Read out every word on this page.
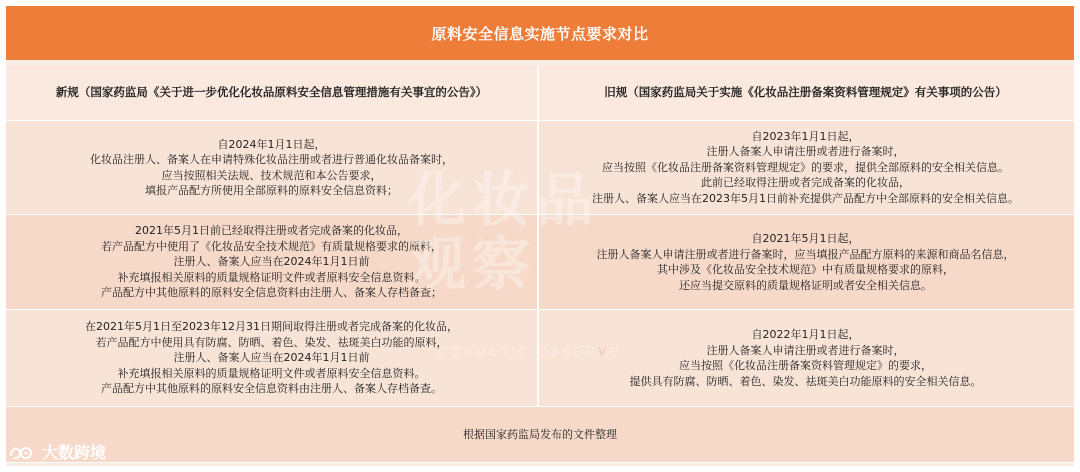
原料安全信息实施节点要求对比
新规（国家药监局《关于进一步优化化妆品原料安全信息管理措施有关事宜的公告》）	旧规（国家药监局关于实施《化妆品注册备案资料管理规定》有关事项的公告）
自2024年1月1日起，
化妆品注册人、备案人在申请特殊化妆品注册或者进行普通化妆品备案时，
应当按照相关法规、技术规范和本公告要求，
填报产品配方所使用全部原料的原料安全信息资料；
自2023年1月1日起，
注册人备案人申请注册或者进行备案时，
应当按照《化妆品注册备案资料管理规定》的要求，提供全部原料的安全相关信息。
此前已经取得注册或者完成备案的化妆品，
注册人、备案人应当在2023年5月1日前补充提供产品配方中全部原料的安全相关信息。
2021年5月1日前已经取得注册或者完成备案的化妆品，
若产品配方中使用了《化妆品安全技术规范》有质量规格要求的原料，
注册人、备案人应当在2024年1月1日前
补充填报相关原料的质量规格证明文件或者原料安全信息资料。
产品配方中其他原料的原料安全信息资料由注册人、备案人存档备查；
自2021年5月1日起，
注册人备案人申请注册或者进行备案时，应当填报产品配方原料的来源和商品名信息，
其中涉及《化妆品安全技术规范》中有质量规格要求的原料，
还应当提交原料的质量规格证明或者安全相关信息。
在2021年5月1日至2023年12月31日期间取得注册或者完成备案的化妆品，
若产品配方中使用具有防腐、防晒、着色、染发、祛斑美白功能的原料，
注册人、备案人应当在2024年1月1日前
补充填报相关原料的质量规格证明文件或者原料安全信息资料。
产品配方中其他原料的原料安全信息资料由注册人、备案人存档备查。
自2022年1月1日起，
注册人备案人申请注册或者进行备案时，
应当按照《化妆品注册备案资料管理规定》的要求，
提供具有防腐、防晒、着色、染发、祛斑美白功能原料的安全相关信息。
根据国家药监局发布的文件整理
化妆品
观察
COSMETIC OBSERVE
大数跨境
